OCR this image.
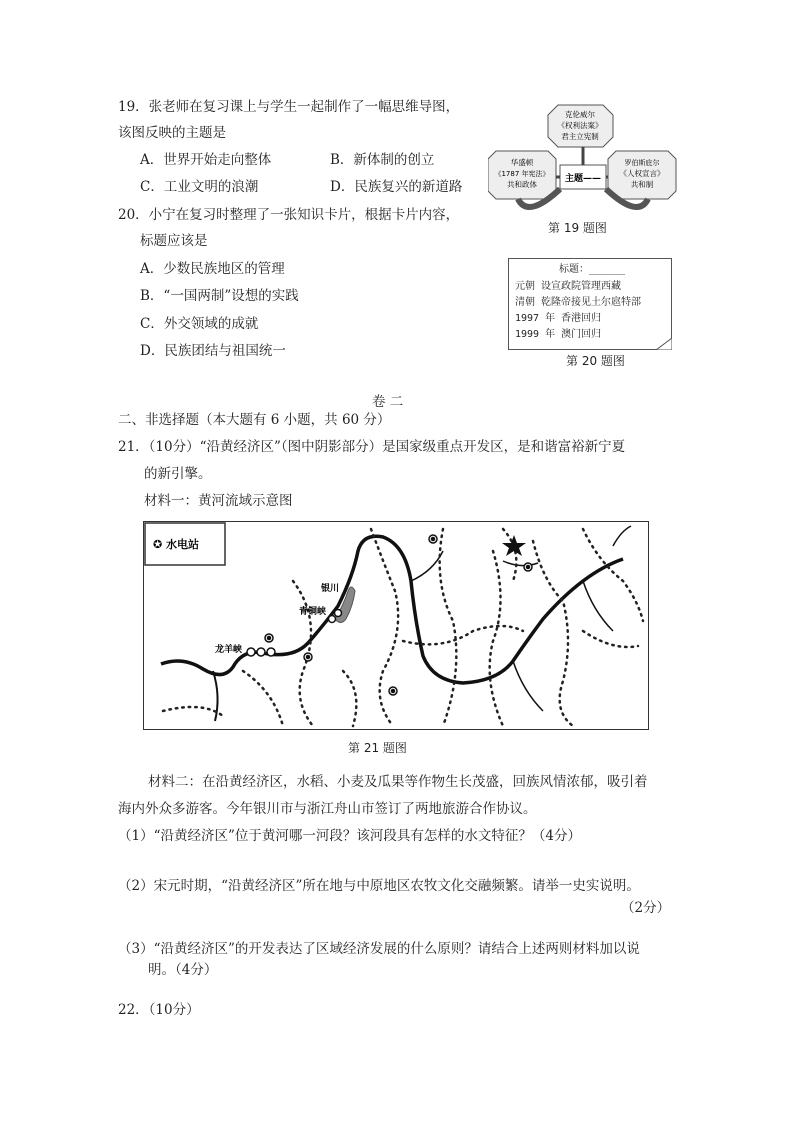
19．张老师在复习课上与学生一起制作了一幅思维导图，
该图反映的主题是
A．世界开始走向整体	B．新体制的创立
C．工业文明的浪潮	D．民族复兴的新道路
克伦威尔
《权利法案》
君主立宪制
华盛顿
《1787 年宪法》
共和政体
罗伯斯庇尔
《人权宣言》
共和制
主题——
第 19 题图
20．小宁在复习时整理了一张知识卡片，根据卡片内容，
标题应该是
A．少数民族地区的管理
B．“一国两制”设想的实践
C．外交领域的成就
D．民族团结与祖国统一
标题：______
元朝 设宣政院管理西藏
清朝 乾隆帝接见土尔扈特部
1997 年 香港回归
1999 年 澳门回归
第 20 题图
卷 二
二、非选择题（本大题有 6 小题，共 60 分）
21．（10分）“沿黄经济区”（图中阴影部分）是国家级重点开发区，是和谐富裕新宁夏
的新引擎。
材料一：黄河流域示意图
✪ 水电站
银川
青铜峡
龙羊峡
第 21 题图
材料二：在沿黄经济区，水稻、小麦及瓜果等作物生长茂盛，回族风情浓郁，吸引着
海内外众多游客。今年银川市与浙江舟山市签订了两地旅游合作协议。
（1）“沿黄经济区”位于黄河哪一河段？该河段具有怎样的水文特征？（4分）
（2）宋元时期，“沿黄经济区”所在地与中原地区农牧文化交融频繁。请举一史实说明。
（2分）
（3）“沿黄经济区”的开发表达了区域经济发展的什么原则？请结合上述两则材料加以说
明。（4分）
22．（10分）
